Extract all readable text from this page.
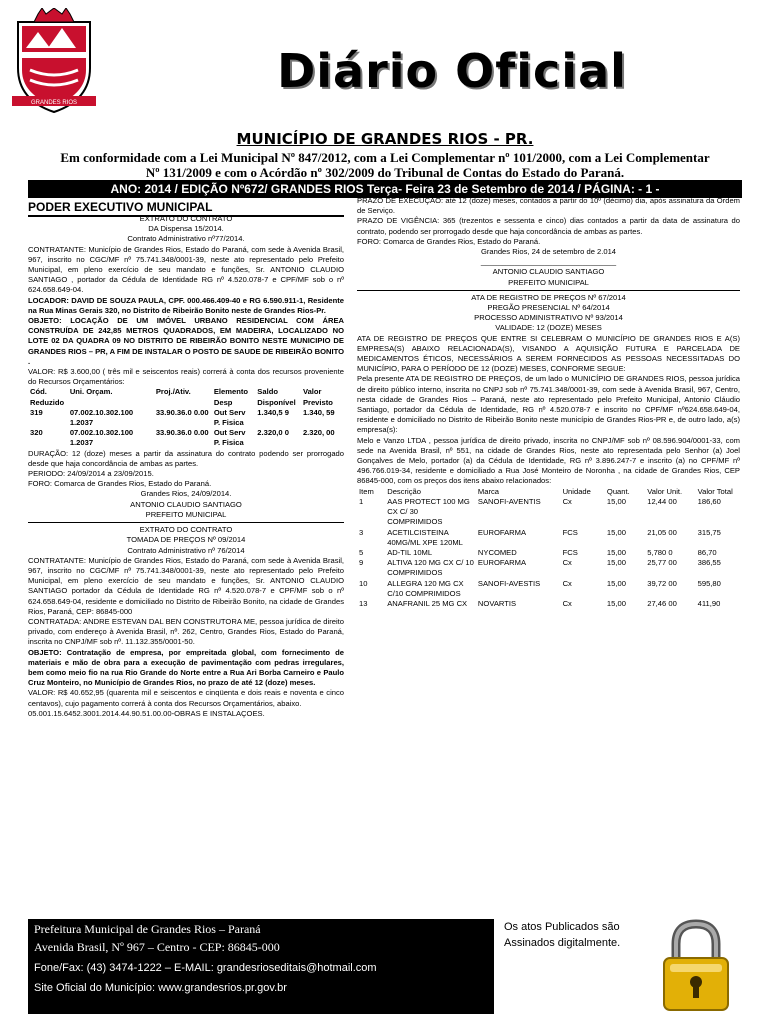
GRANDES RIOS
Diário Oficial
MUNICÍPIO DE GRANDES RIOS - PR.
Em conformidade com a Lei Municipal Nº 847/2012, com a Lei Complementar nº 101/2000, com a Lei Complementar
Nº 131/2009 e com o Acórdão nº 302/2009 do Tribunal de Contas do Estado do Paraná.
ANO: 2014 / EDIÇÃO Nº672/ GRANDES RIOS Terça- Feira 23 de Setembro de 2014 / PÁGINA: - 1 -
PODER EXECUTIVO MUNICIPAL

EXTRATO DO CONTRATO

DA Dispensa 15/2014.

Contrato Administrativo nº77/2014.

CONTRATANTE: Município de Grandes Rios, Estado do Paraná, com sede à Avenida Brasil, 967, inscrito no CGC/MF nº 75.741.348/0001-39, neste ato representado pelo Prefeito Municipal, em pleno exercício de seu mandato e funções, Sr. ANTONIO CLAUDIO SANTIAGO , portador da Cédula de Identidade RG nº 4.520.078-7 e CPF/MF sob o nº 624.658.649-04.

LOCADOR: DAVID DE SOUZA PAULA, CPF. 000.466.409-40 e RG 6.590.911-1, Residente na Rua Minas Gerais 320, no Distrito de Ribeirão Bonito neste de Grandes Rios-Pr.

OBJETO: LOCAÇÃO DE UM IMÓVEL URBANO RESIDENCIAL COM ÁREA CONSTRUÍDA DE 242,85 METROS QUADRADOS, EM MADEIRA, LOCALIZADO NO LOTE 02 DA QUADRA 09 NO DISTRITO DE RIBEIRÃO BONITO NESTE MUNICIPIO DE GRANDES RIOS – PR, A FIM DE INSTALAR O POSTO DE SAUDE DE RIBEIRÃO BONITO .

VALOR: R$ 3.600,00 ( três mil e seiscentos reais) correrá à conta dos recursos proveniente do Recursos Orçamentários:

Cód. Reduzido	Uni. Orçam.	Proj./Ativ.	Elemento Desp	Saldo Disponível	Valor Previsto
319	07.002.10.302.100 1.2037	33.90.36.0 0.00	Out Serv P. Fisica	1.340,5 9	1.340, 59
320	07.002.10.302.100 1.2037	33.90.36.0 0.00	Out Serv P. Fisica	2.320,0 0	2.320, 00

DURAÇÃO: 12 (doze) meses a partir da assinatura do contrato podendo ser prorrogado desde que haja concordância de ambas as partes.

PERIODO: 24/09/2014 a 23/09/2015.

FORO: Comarca de Grandes Rios, Estado do Paraná.

Grandes Rios, 24/09/2014.

ANTONIO CLAUDIO SANTIAGO

PREFEITO MUNICIPAL

EXTRATO DO CONTRATO

TOMADA DE PREÇOS Nº 09/2014

Contrato Administrativo nº 76/2014

CONTRATANTE: Município de Grandes Rios, Estado do Paraná, com sede à Avenida Brasil, 967, inscrito no CGC/MF nº 75.741.348/0001-39, neste ato representado pelo Prefeito Municipal, em pleno exercício de seu mandato e funções, Sr. ANTONIO CLAUDIO SANTIAGO portador da Cédula de Identidade RG nº 4.520.078-7 e CPF/MF sob o nº 624.658.649-04, residente e domiciliado no Distrito de Ribeirão Bonito, na cidade de Grandes Rios, Paraná, CEP: 86845-000

CONTRATADA: ANDRE ESTEVAN DAL BEN CONSTRUTORA ME, pessoa jurídica de direito privado, com endereço à Avenida Brasil, nº. 262, Centro, Grandes Rios, Estado do Paraná, inscrita no CNPJ/MF sob nº. 11.132.355/0001-50.

OBJETO: Contratação de empresa, por empreitada global, com fornecimento de materiais e mão de obra para a execução de pavimentação com pedras irregulares, bem como meio fio na rua Rio Grande do Norte entre a Rua Ari Borba Carneiro e Paulo Cruz Monteiro, no Município de Grandes Rios, no prazo de até 12 (doze) meses.

VALOR: R$ 40.652,95 (quarenta mil e seiscentos e cinqüenta e dois reais e noventa e cinco centavos), cujo pagamento correrá à conta dos Recursos Orçamentários, abaixo.

05.001.15.6452.3001.2014.44.90.51.00.00-OBRAS E INSTALAÇOES.

PRAZO DE EXECUÇÃO: até 12 (doze) meses, contados a partir do 10º (décimo) dia, após assinatura da Ordem de Serviço.

PRAZO DE VIGÊNCIA: 365 (trezentos e sessenta e cinco) dias contados a partir da data de assinatura do contrato, podendo ser prorrogado desde que haja concordância de ambas as partes.

FORO: Comarca de Grandes Rios, Estado do Paraná.

Grandes Rios, 24 de setembro de 2.014

________________________________

ANTONIO CLAUDIO SANTIAGO

PREFEITO MUNICIPAL

ATA DE REGISTRO DE PREÇOS Nº 67/2014

PREGÃO PRESENCIAL Nº 64/2014

PROCESSO ADMINISTRATIVO Nº 93/2014

VALIDADE: 12 (DOZE) MESES

ATA DE REGISTRO DE PREÇOS QUE ENTRE SI CELEBRAM O MUNICÍPIO DE GRANDES RIOS E A(S) EMPRESA(S) ABAIXO RELACIONADA(S), VISANDO A AQUISIÇÃO FUTURA E PARCELADA DE MEDICAMENTOS ÉTICOS, NECESSÁRIOS A SEREM FORNECIDOS AS PESSOAS NECESSITADAS DO MUNICÍPIO, PARA O PERÍODO DE 12 (DOZE) MESES, CONFORME SEGUE:

Pela presente ATA DE REGISTRO DE PREÇOS, de um lado o MUNICÍPIO DE GRANDES RIOS, pessoa jurídica de direito público interno, inscrita no CNPJ sob nº 75.741.348/0001-39, com sede à Avenida Brasil, 967, Centro, nesta cidade de Grandes Rios – Paraná, neste ato representado pelo Prefeito Municipal, Antonio Cláudio Santiago, portador da Cédula de Identidade, RG nº 4.520.078-7 e inscrito no CPF/MF nº624.658.649-04, residente e domiciliado no Distrito de Ribeirão Bonito neste município de Grandes Rios-PR e, de outro lado, a(s) empresa(s):

Melo e Vanzo LTDA , pessoa jurídica de direito privado, inscrita no CNPJ/MF sob nº 08.596.904/0001-33, com sede na Avenida Brasil, nº 551, na cidade de Grandes Rios, neste ato representada pelo Senhor (a) Joel Gonçalves de Melo, portador (a) da Cédula de Identidade, RG nº 3.896.247-7 e inscrito (a) no CPF/MF nº 496.766.019-34, residente e domiciliado a Rua José Monteiro de Noronha , na cidade de Grandes Rios, CEP 86845-000, com os preços dos itens abaixo relacionados:

Item	Descrição	Marca	Unidade	Quant.	Valor Unit.	Valor Total
1	AAS PROTECT 100 MG CX C/ 30 COMPRIMIDOS	SANOFI-AVENTIS	Cx	15,00	12,44 00	186,60
3	ACETILCISTEINA 40MG/ML XPE 120ML	EUROFARMA	FCS	15,00	21,05 00	315,75
5	AD-TIL 10ML	NYCOMED	FCS	15,00	5,780 0	86,70
9	ALTIVA 120 MG CX C/ 10 COMPRIMIDOS	EUROFARMA	Cx	15,00	25,77 00	386,55
10	ALLEGRA 120 MG CX C/10 COMPRIMIDOS	SANOFI-AVESTIS	Cx	15,00	39,72 00	595,80
13	ANAFRANIL 25 MG CX	NOVARTIS	Cx	15,00	27,46 00	411,90
Prefeitura Municipal de Grandes Rios – Paraná
Avenida Brasil, Nº 967 – Centro - CEP: 86845-000
Fone/Fax: (43) 3474-1222 – E-MAIL: grandesrioseditais@hotmail.com
Site Oficial do Município: www.grandesrios.pr.gov.br
Os atos Publicados são Assinados digitalmente.
